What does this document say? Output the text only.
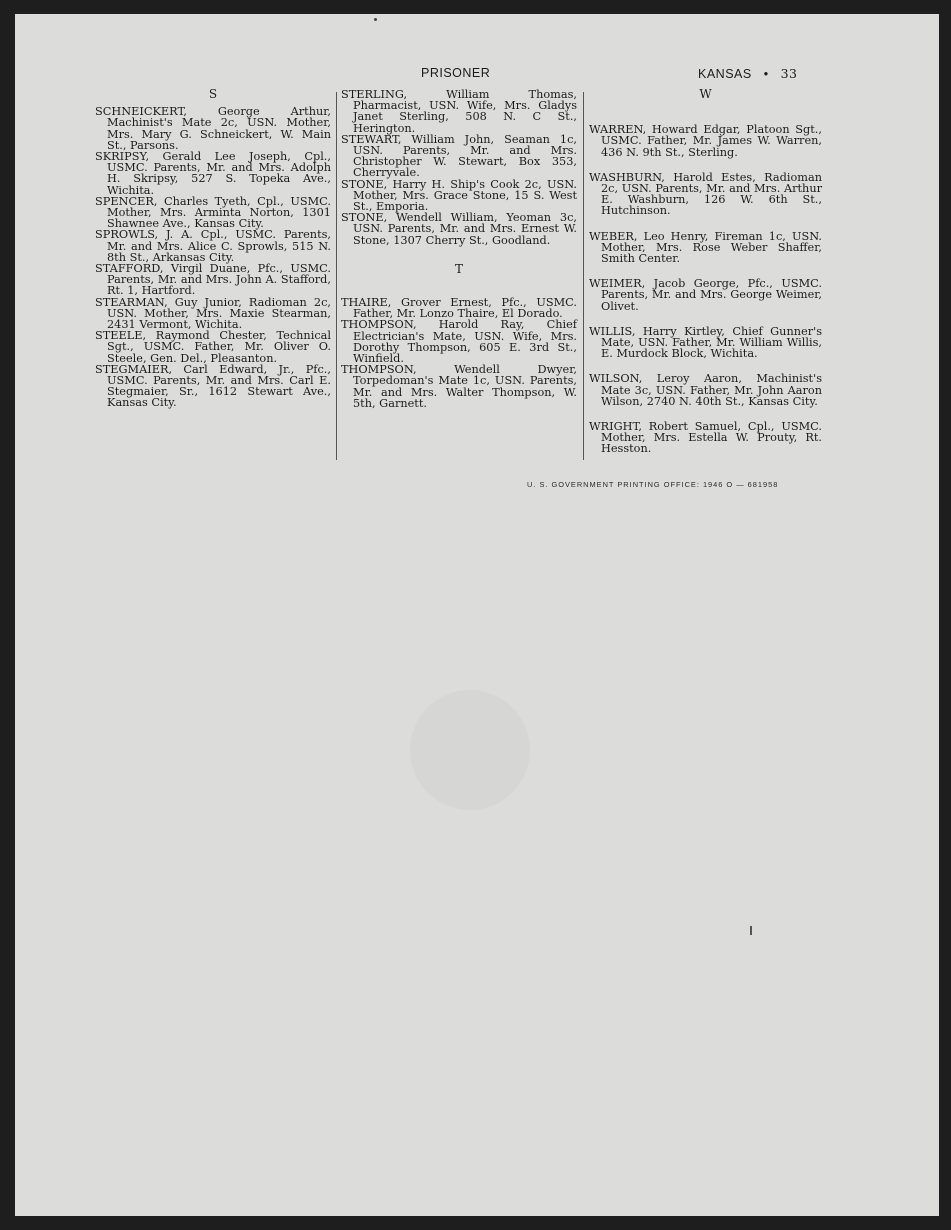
PRISONER	KANSAS • 33

S

SCHNEICKERT, George Arthur, Machinist's Mate 2c, USN. Mother, Mrs. Mary G. Schneickert, W. Main St., Parsons.

SKRIPSY, Gerald Lee Joseph, Cpl., USMC. Parents, Mr. and Mrs. Adolph H. Skripsy, 527 S. Topeka Ave., Wichita.

SPENCER, Charles Tyeth, Cpl., USMC. Mother, Mrs. Arminta Norton, 1301 Shawnee Ave., Kansas City.

SPROWLS, J. A. Cpl., USMC. Parents, Mr. and Mrs. Alice C. Sprowls, 515 N. 8th St., Arkansas City.

STAFFORD, Virgil Duane, Pfc., USMC. Parents, Mr. and Mrs. John A. Stafford, Rt. 1, Hartford.

STEARMAN, Guy Junior, Radioman 2c, USN. Mother, Mrs. Maxie Stearman, 2431 Vermont, Wichita.

STEELE, Raymond Chester, Technical Sgt., USMC. Father, Mr. Oliver O. Steele, Gen. Del., Pleasanton.

STEGMAIER, Carl Edward, Jr., Pfc., USMC. Parents, Mr. and Mrs. Carl E. Stegmaier, Sr., 1612 Stewart Ave., Kansas City.

STERLING, William Thomas, Pharmacist, USN. Wife, Mrs. Gladys Janet Sterling, 508 N. C St., Herington.

STEWART, William John, Seaman 1c, USN. Parents, Mr. and Mrs. Christopher W. Stewart, Box 353, Cherryvale.

STONE, Harry H. Ship's Cook 2c, USN. Mother, Mrs. Grace Stone, 15 S. West St., Emporia.

STONE, Wendell William, Yeoman 3c, USN. Parents, Mr. and Mrs. Ernest W. Stone, 1307 Cherry St., Goodland.

T

THAIRE, Grover Ernest, Pfc., USMC. Father, Mr. Lonzo Thaire, El Dorado.

THOMPSON, Harold Ray, Chief Electrician's Mate, USN. Wife, Mrs. Dorothy Thompson, 605 E. 3rd St., Winfield.

THOMPSON, Wendell Dwyer, Torpedoman's Mate 1c, USN. Parents, Mr. and Mrs. Walter Thompson, W. 5th, Garnett.

W

WARREN, Howard Edgar, Platoon Sgt., USMC. Father, Mr. James W. Warren, 436 N. 9th St., Sterling.

WASHBURN, Harold Estes, Radioman 2c, USN. Parents, Mr. and Mrs. Arthur E. Washburn, 126 W. 6th St., Hutchinson.

WEBER, Leo Henry, Fireman 1c, USN. Mother, Mrs. Rose Weber Shaffer, Smith Center.

WEIMER, Jacob George, Pfc., USMC. Parents, Mr. and Mrs. George Weimer, Olivet.

WILLIS, Harry Kirtley, Chief Gunner's Mate, USN. Father, Mr. William Willis, E. Murdock Block, Wichita.

WILSON, Leroy Aaron, Machinist's Mate 3c, USN. Father, Mr. John Aaron Wilson, 2740 N. 40th St., Kansas City.

WRIGHT, Robert Samuel, Cpl., USMC. Mother, Mrs. Estella W. Prouty, Rt. Hesston.

U. S. GOVERNMENT PRINTING OFFICE: 1946 O — 681958
